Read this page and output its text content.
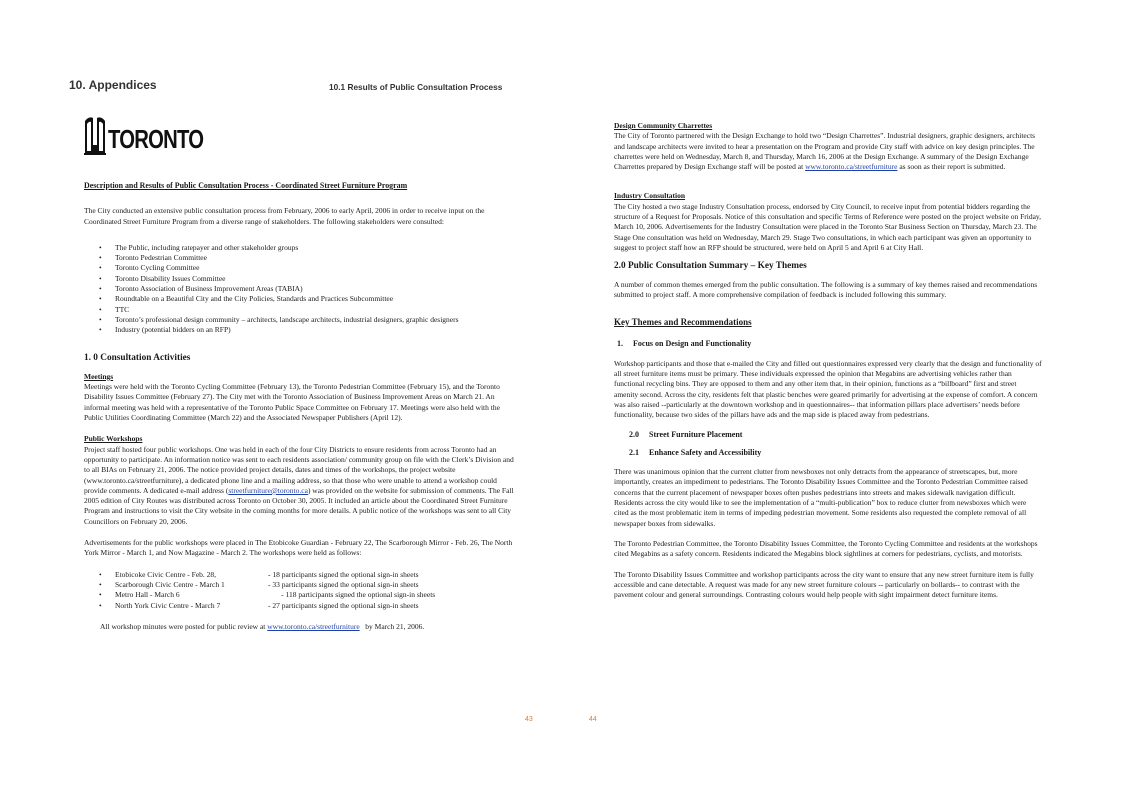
10. Appendices	10.1 Results of Public Consultation Process
TORONTO

Description and Results of Public Consultation Process - Coordinated Street Furniture Program

The City conducted an extensive public consultation process from February, 2006 to early April, 2006 in order to receive input on the Coordinated Street Furniture Program from a diverse range of stakeholders. The following stakeholders were consulted:

• The Public, including ratepayer and other stakeholder groups
• Toronto Pedestrian Committee
• Toronto Cycling Committee
• Toronto Disability Issues Committee
• Toronto Association of Business Improvement Areas (TABIA)
• Roundtable on a Beautiful City and the City Policies, Standards and Practices Subcommittee
• TTC
• Toronto’s professional design community – architects, landscape architects, industrial designers, graphic designers
• Industry (potential bidders on an RFP)

1. 0 Consultation Activities

Meetings

Meetings were held with the Toronto Cycling Committee (February 13), the Toronto Pedestrian Committee (February 15), and the Toronto Disability Issues Committee (February 27). The City met with the Toronto Association of Business Improvement Areas on March 21. An informal meeting was held with a representative of the Toronto Public Space Committee on February 17. Meetings were also held with the Public Utilities Coordinating Committee (March 22) and the Associated Newspaper Publishers (April 12).

Public Workshops

Project staff hosted four public workshops. One was held in each of the four City Districts to ensure residents from across Toronto had an opportunity to participate. An information notice was sent to each residents association/ community group on file with the Clerk’s Division and to all BIAs on February 21, 2006. The notice provided project details, dates and times of the workshops, the project website (www.toronto.ca/streetfurniture), a dedicated phone line and a mailing address, so that those who were unable to attend a workshop could provide comments. A dedicated e-mail address (streetfurniture@toronto.ca) was provided on the website for submission of comments. The Fall 2005 edition of City Routes was distributed across Toronto on October 30, 2005. It included an article about the Coordinated Street Furniture Program and instructions to visit the City website in the coming months for more details. A public notice of the workshops was sent to all City Councillors on February 20, 2006.

Advertisements for the public workshops were placed in The Etobicoke Guardian - February 22, The Scarborough Mirror - Feb. 26, The North York Mirror - March 1, and Now Magazine - March 2. The workshops were held as follows:

• Etobicoke Civic Centre - Feb. 28,	- 18 participants signed the optional sign-in sheets
• Scarborough Civic Centre - March 1	- 33 participants signed the optional sign-in sheets
• Metro Hall - March 6	- 118 participants signed the optional sign-in sheets
• North York Civic Centre - March 7	- 27 participants signed the optional sign-in sheets

All workshop minutes were posted for public review at www.toronto.ca/streetfurniture   by March 21, 2006.

43	44

Design Community Charrettes

The City of Toronto partnered with the Design Exchange to hold two “Design Charrettes”. Industrial designers, graphic designers, architects and landscape architects were invited to hear a presentation on the Program and provide City staff with advice on key design principles. The charrettes were held on Wednesday, March 8, and Thursday, March 16, 2006 at the Design Exchange. A summary of the Design Exchange Charrettes prepared by Design Exchange staff will be posted at www.toronto.ca/streetfurniture as soon as their report is submitted.

Industry Consultation

The City hosted a two stage Industry Consultation process, endorsed by City Council, to receive input from potential bidders regarding the structure of a Request for Proposals. Notice of this consultation and specific Terms of Reference were posted on the project website on Friday, March 10, 2006. Advertisements for the Industry Consultation were placed in the Toronto Star Business Section on Thursday, March 23. The Stage One consultation was held on Wednesday, March 29. Stage Two consultations, in which each participant was given an opportunity to suggest to project staff how an RFP should be structured, were held on April 5 and April 6 at City Hall.

2.0 Public Consultation Summary – Key Themes

A number of common themes emerged from the public consultation. The following is a summary of key themes raised and recommendations submitted to project staff. A more comprehensive compilation of feedback is included following this summary.

Key Themes and Recommendations

1.     Focus on Design and Functionality

Workshop participants and those that e-mailed the City and filled out questionnaires expressed very clearly that the design and functionality of all street furniture items must be primary. These individuals expressed the opinion that Megabins are advertising vehicles rather than functional recycling bins. They are opposed to them and any other item that, in their opinion, functions as a “billboard” first and street amenity second. Across the city, residents felt that plastic benches were geared primarily for advertising at the expense of comfort. A concern was also raised --particularly at the downtown workshop and in questionnaires-- that information pillars place advertisers’ needs before functionality, because two sides of the pillars have ads and the map side is placed away from pedestrians.

2.0     Street Furniture Placement

2.1     Enhance Safety and Accessibility

There was unanimous opinion that the current clutter from newsboxes not only detracts from the appearance of streetscapes, but, more importantly, creates an impediment to pedestrians. The Toronto Disability Issues Committee and the Toronto Pedestrian Committee raised concerns that the current placement of newspaper boxes often pushes pedestrians into streets and makes sidewalk navigation difficult. Residents across the city would like to see the implementation of a “multi-publication” box to reduce clutter from newsboxes which were cited as the most problematic item in terms of impeding pedestrian movement. Some residents also requested the complete removal of all newspaper boxes from sidewalks.

The Toronto Pedestrian Committee, the Toronto Disability Issues Committee, the Toronto Cycling Committee and residents at the workshops cited Megabins as a safety concern. Residents indicated the Megabins block sightlines at corners for pedestrians, cyclists, and motorists.

The Toronto Disability Issues Committee and workshop participants across the city want to ensure that any new street furniture item is fully accessible and cane detectable. A request was made for any new street furniture colours -- particularly on bollards-- to contrast with the pavement colour and general surroundings. Contrasting colours would help people with sight impairment detect furniture items.
